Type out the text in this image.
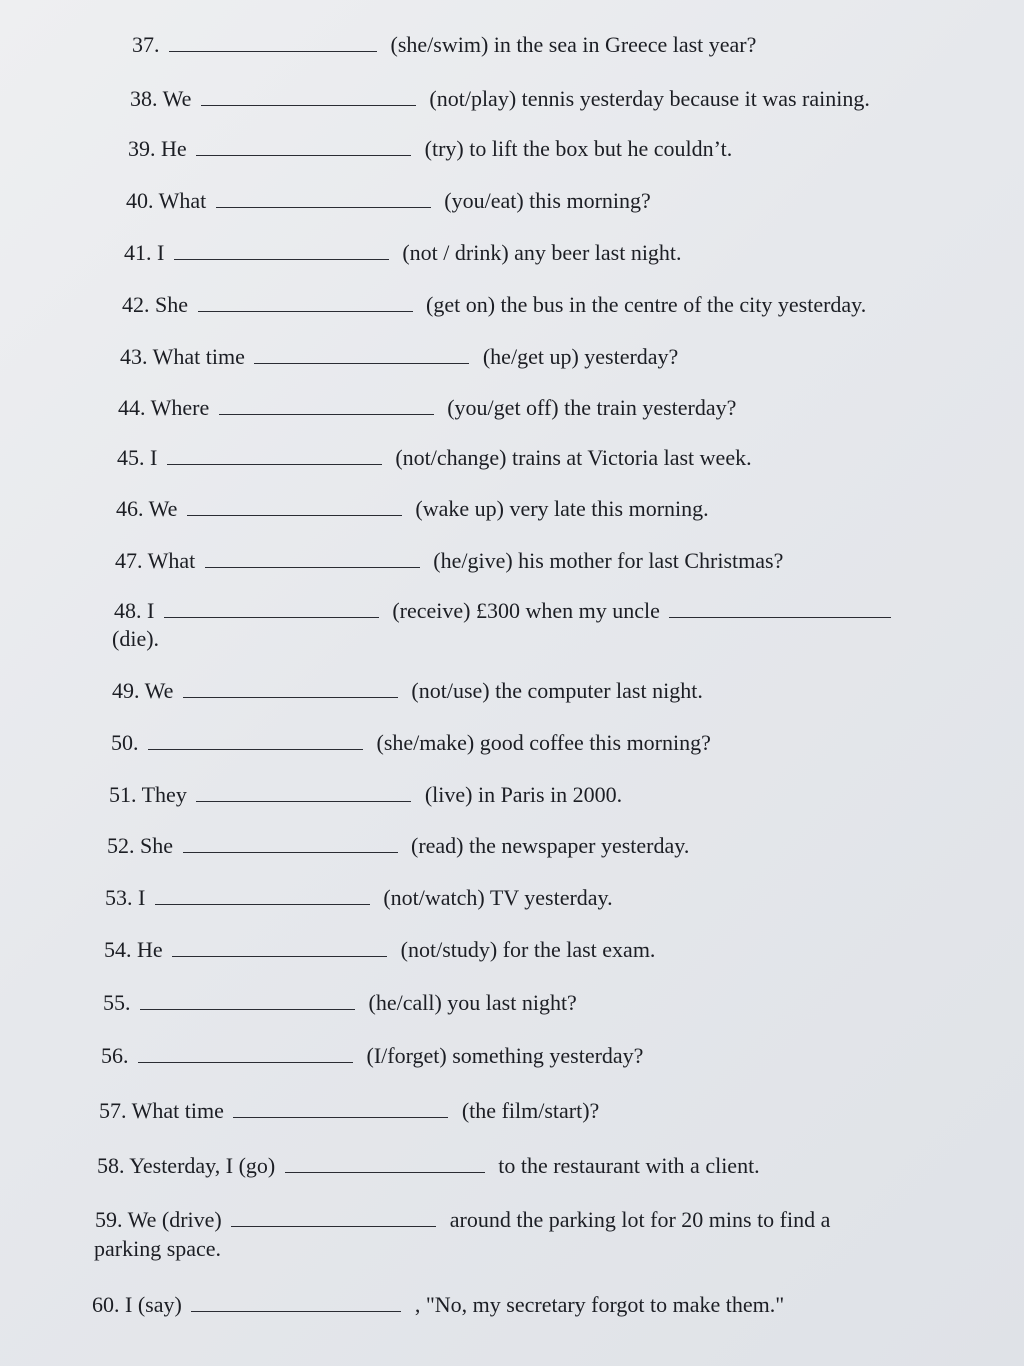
37.	(she/swim) in the sea in Greece last year?
38. We	(not/play) tennis yesterday because it was raining.
39. He	(try) to lift the box but he couldn’t.
40. What	(you/eat) this morning?
41. I	(not / drink) any beer last night.
42. She	(get on) the bus in the centre of the city yesterday.
43. What time	(he/get up) yesterday?
44. Where	(you/get off) the train yesterday?
45. I	(not/change) trains at Victoria last week.
46. We	(wake up) very late this morning.
47. What	(he/give) his mother for last Christmas?
48. I	(receive) £300 when my uncle
(die).
49. We	(not/use) the computer last night.
50.	(she/make) good coffee this morning?
51. They	(live) in Paris in 2000.
52. She	(read) the newspaper yesterday.
53. I	(not/watch) TV yesterday.
54. He	(not/study) for the last exam.
55.	(he/call) you last night?
56.	(I/forget) something yesterday?
57. What time	(the film/start)?
58. Yesterday, I (go)	to the restaurant with a client.
59. We (drive)	around the parking lot for 20 mins to find a
parking space.
60. I (say)	, "No, my secretary forgot to make them."
